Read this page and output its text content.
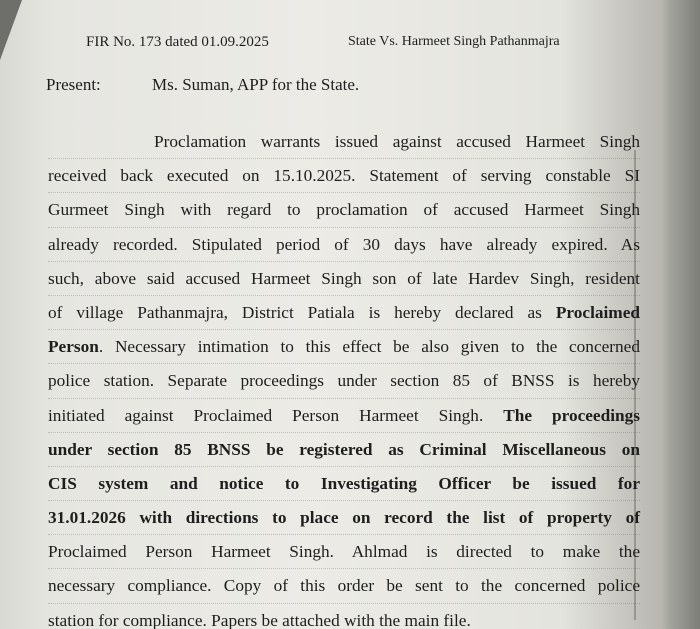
FIR No. 173 dated 01.09.2025	State Vs. Harmeet Singh Pathanmajra
Present:	Ms. Suman, APP for the State.
Proclamation warrants issued against accused Harmeet Singh
received back executed on 15.10.2025. Statement of serving constable SI
Gurmeet Singh with regard to proclamation of accused Harmeet Singh
already recorded. Stipulated period of 30 days have already expired. As
such, above said accused Harmeet Singh son of late Hardev Singh, resident
of village Pathanmajra, District Patiala is hereby declared as Proclaimed
Person. Necessary intimation to this effect be also given to the concerned
police station. Separate proceedings under section 85 of BNSS is hereby
initiated against Proclaimed Person Harmeet Singh. The proceedings
under section 85 BNSS be registered as Criminal Miscellaneous on
CIS system and notice to Investigating Officer be issued for
31.01.2026 with directions to place on record the list of property of
Proclaimed Person Harmeet Singh. Ahlmad is directed to make the
necessary compliance. Copy of this order be sent to the concerned police
station for compliance. Papers be attached with the main file.
